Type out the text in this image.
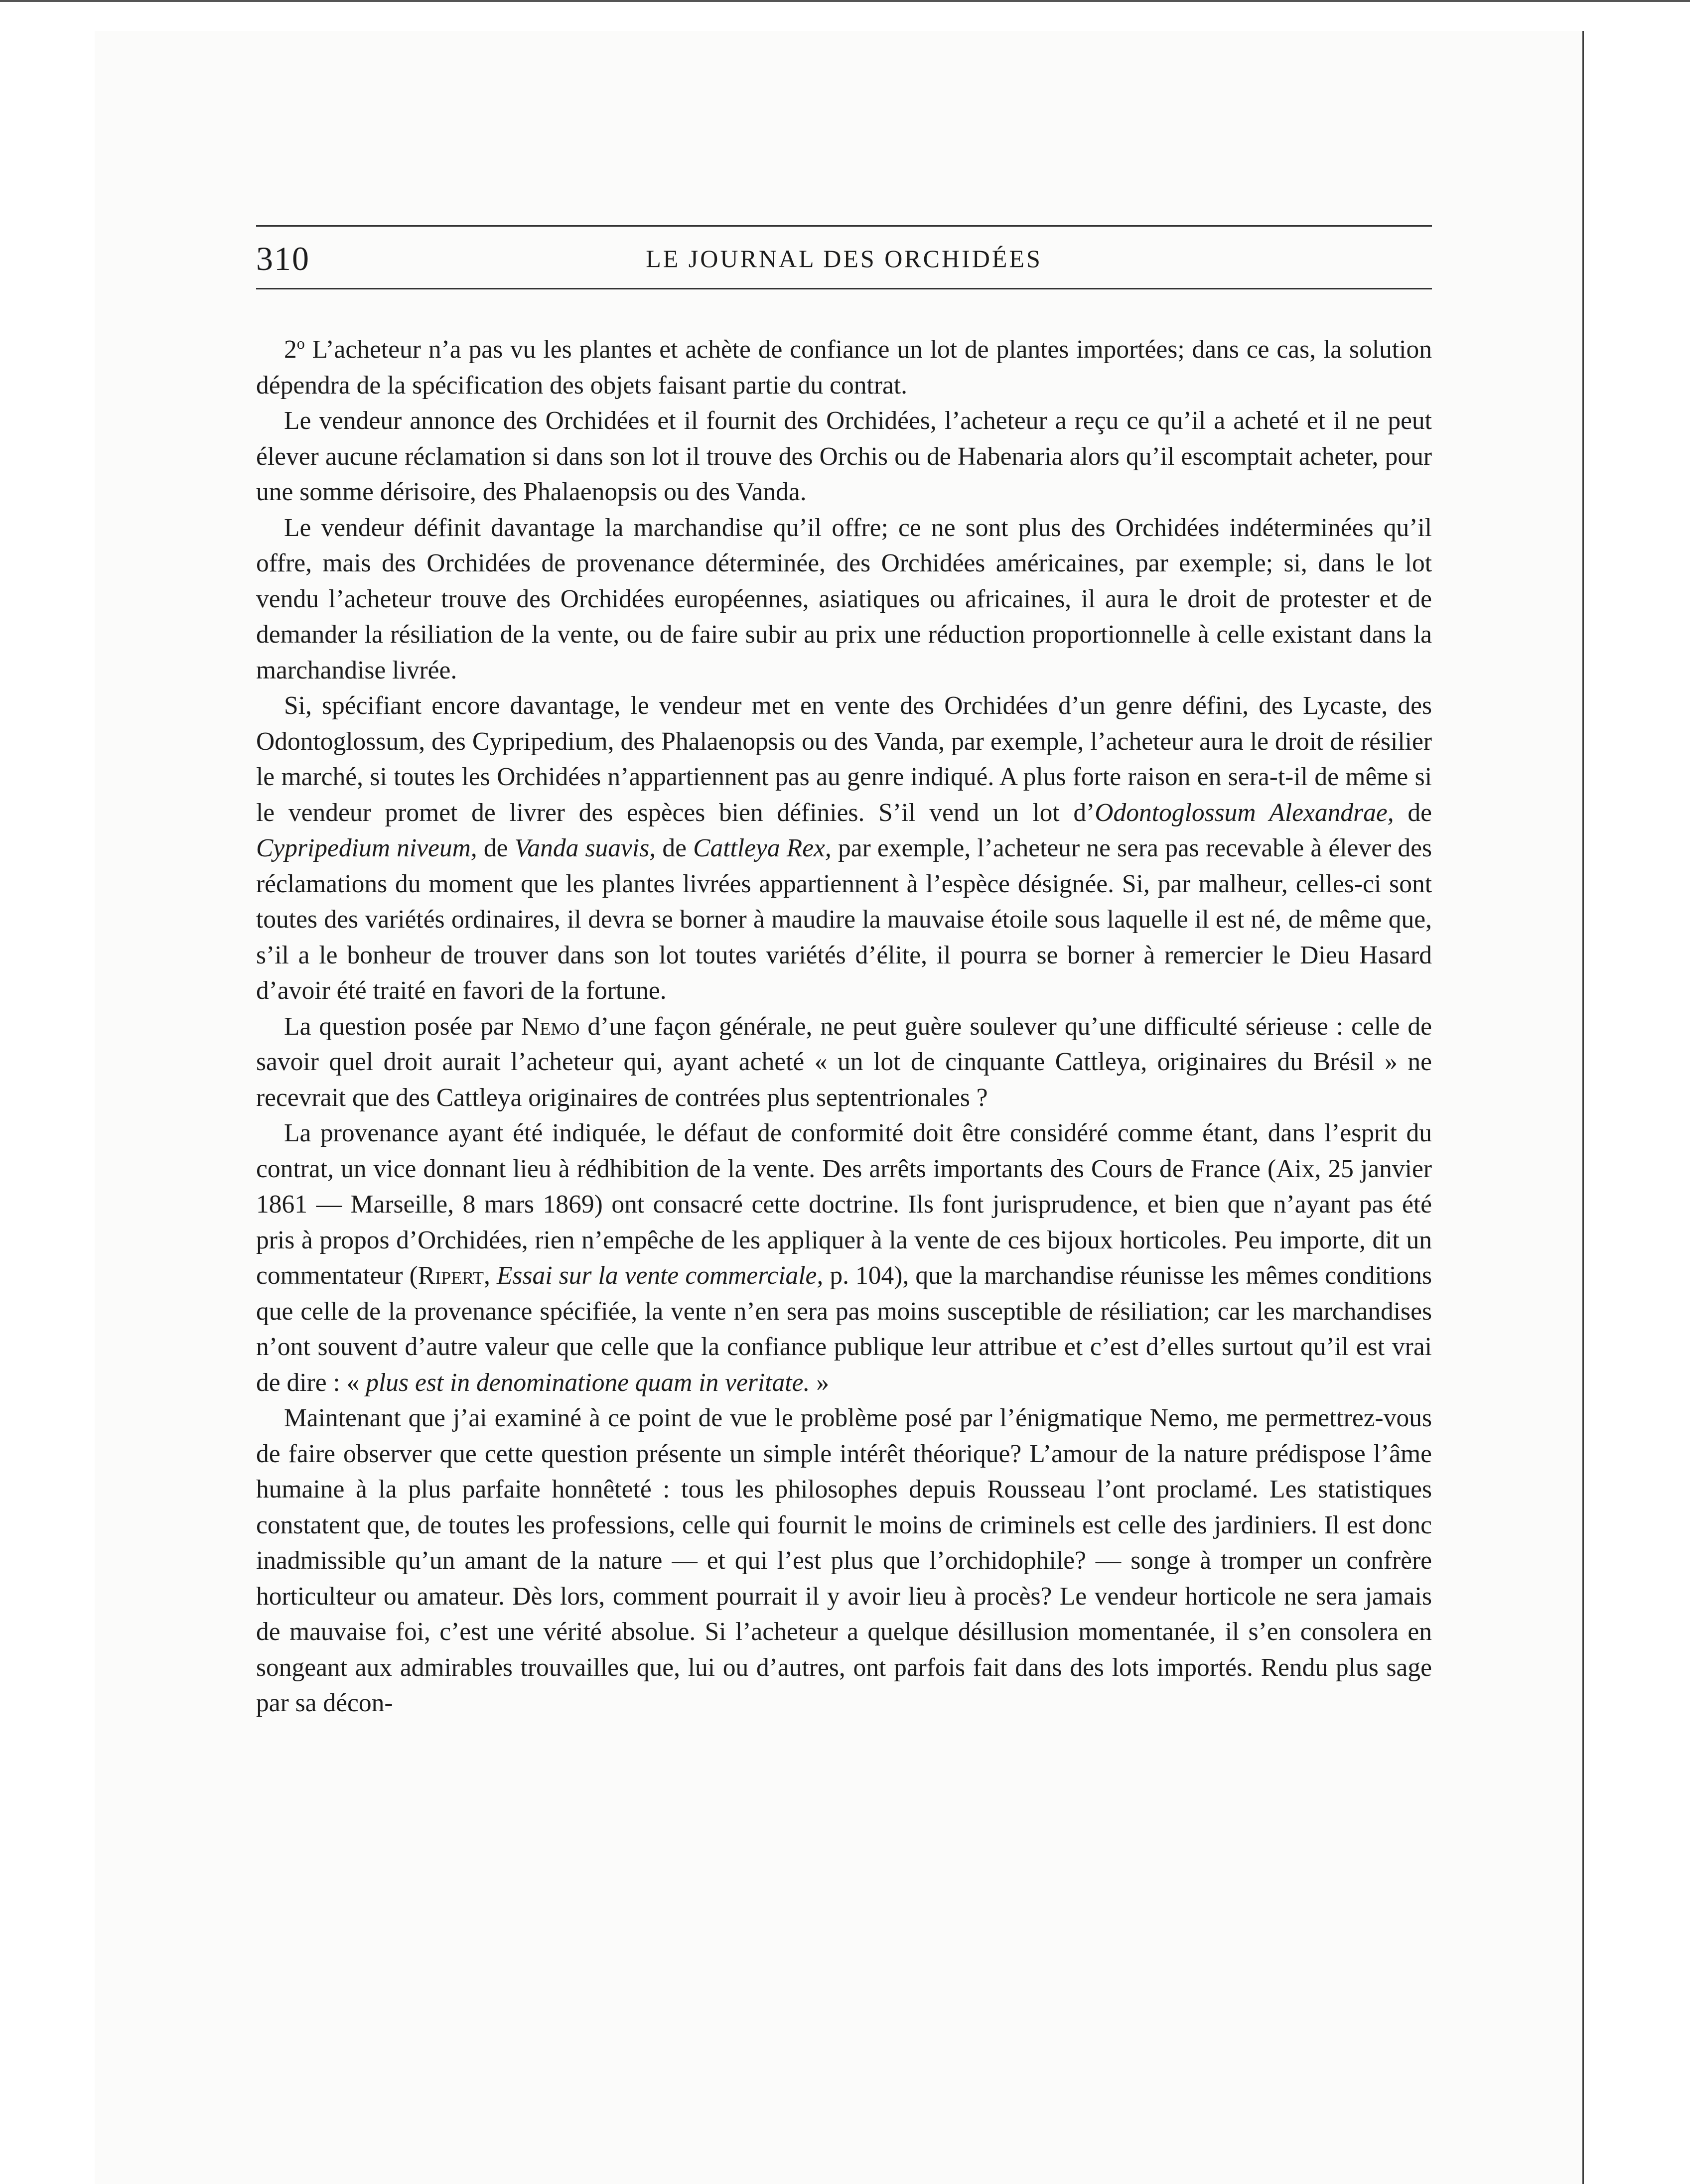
310	LE JOURNAL DES ORCHIDÉES

2$^o$ L’acheteur n’a pas vu les plantes et achète de confiance un lot de plantes importées; dans ce cas, la solution dépendra de la spécification des objets faisant partie du contrat.

Le vendeur annonce des Orchidées et il fournit des Orchidées, l’acheteur a reçu ce qu’il a acheté et il ne peut élever aucune réclamation si dans son lot il trouve des Orchis ou de Habenaria alors qu’il escomptait acheter, pour une somme dérisoire, des Phalaenopsis ou des Vanda.

Le vendeur définit davantage la marchandise qu’il offre; ce ne sont plus des Orchidées indéterminées qu’il offre, mais des Orchidées de provenance déterminée, des Orchidées américaines, par exemple; si, dans le lot vendu l’acheteur trouve des Orchidées européennes, asiatiques ou africaines, il aura le droit de protester et de demander la résiliation de la vente, ou de faire subir au prix une réduction proportionnelle à celle existant dans la marchandise livrée.

Si, spécifiant encore davantage, le vendeur met en vente des Orchidées d’un genre défini, des Lycaste, des Odontoglossum, des Cypripedium, des Phalaenopsis ou des Vanda, par exemple, l’acheteur aura le droit de résilier le marché, si toutes les Orchidées n’appartiennent pas au genre indiqué. A plus forte raison en sera-t-il de même si le vendeur promet de livrer des espèces bien définies. S’il vend un lot d’Odontoglossum Alexandrae, de Cypripedium niveum, de Vanda suavis, de Cattleya Rex, par exemple, l’acheteur ne sera pas recevable à élever des réclamations du moment que les plantes livrées appartiennent à l’espèce désignée. Si, par malheur, celles-ci sont toutes des variétés ordinaires, il devra se borner à maudire la mauvaise étoile sous laquelle il est né, de même que, s’il a le bonheur de trouver dans son lot toutes variétés d’élite, il pourra se borner à remercier le Dieu Hasard d’avoir été traité en favori de la fortune.

La question posée par Nemo d’une façon générale, ne peut guère soulever qu’une difficulté sérieuse : celle de savoir quel droit aurait l’acheteur qui, ayant acheté « un lot de cinquante Cattleya, originaires du Brésil » ne recevrait que des Cattleya originaires de contrées plus septentrionales ?

La provenance ayant été indiquée, le défaut de conformité doit être considéré comme étant, dans l’esprit du contrat, un vice donnant lieu à rédhibition de la vente. Des arrêts importants des Cours de France (Aix, 25 janvier 1861 — Marseille, 8 mars 1869) ont consacré cette doctrine. Ils font jurisprudence, et bien que n’ayant pas été pris à propos d’Orchidées, rien n’empêche de les appliquer à la vente de ces bijoux horticoles. Peu importe, dit un commentateur (Ripert, Essai sur la vente commerciale, p. 104), que la marchandise réunisse les mêmes conditions que celle de la provenance spécifiée, la vente n’en sera pas moins susceptible de résiliation; car les marchandises n’ont souvent d’autre valeur que celle que la confiance publique leur attribue et c’est d’elles surtout qu’il est vrai de dire : « plus est in denominatione quam in veritate. »

Maintenant que j’ai examiné à ce point de vue le problème posé par l’énigmatique Nemo, me permettrez-vous de faire observer que cette question présente un simple intérêt théorique? L’amour de la nature prédispose l’âme humaine à la plus parfaite honnêteté : tous les philosophes depuis Rousseau l’ont proclamé. Les statistiques constatent que, de toutes les professions, celle qui fournit le moins de criminels est celle des jardiniers. Il est donc inadmissible qu’un amant de la nature — et qui l’est plus que l’orchidophile? — songe à tromper un confrère horticulteur ou amateur. Dès lors, comment pourrait il y avoir lieu à procès? Le vendeur horticole ne sera jamais de mauvaise foi, c’est une vérité absolue. Si l’acheteur a quelque désillusion momentanée, il s’en consolera en songeant aux admirables trouvailles que, lui ou d’autres, ont parfois fait dans des lots importés. Rendu plus sage par sa décon-
